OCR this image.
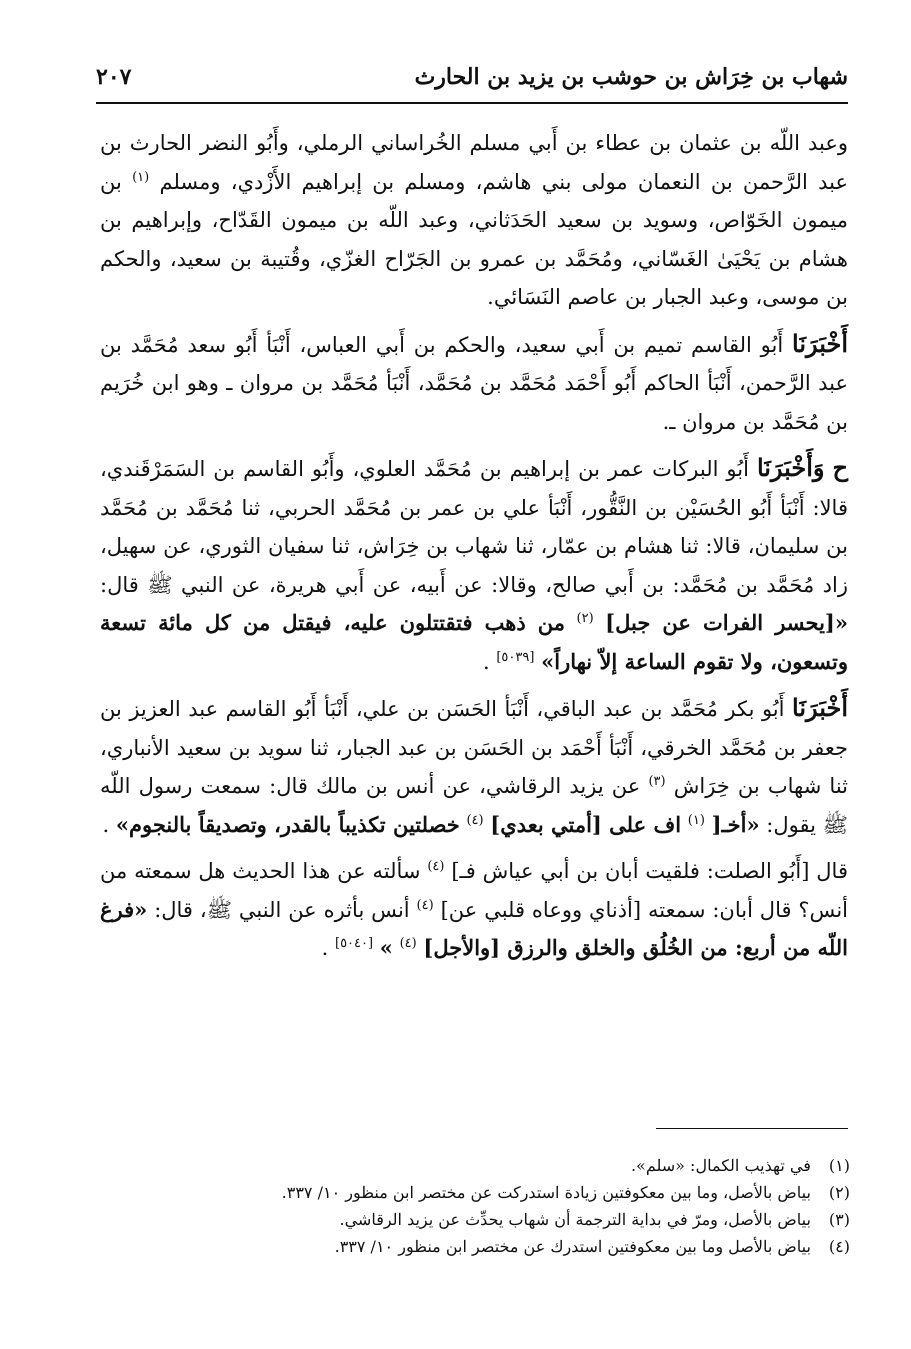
شهاب بن خِرَاش بن حوشب بن يزيد بن الحارث
٢٠٧

وعبد اللّه بن عثمان بن عطاء بن أَبي مسلم الخُراساني الرملي، وأَبُو النضر الحارث بن عبد الرَّحمن بن النعمان مولى بني هاشم، ومسلم بن إبراهيم الأَزْدي، ومسلم $^{(١)}$ بن ميمون الخَوّاص، وسويد بن سعيد الحَدَثاني، وعبد اللّه بن ميمون القَدّاح، وإبراهيم بن هشام بن يَحْيَىٰ الغَسّاني، ومُحَمَّد بن عمرو بن الجَرّاح الغزّي، وقُتيبة بن سعيد، والحكم بن موسى، وعبد الجبار بن عاصم النَسَائي.

أَخْبَرَنَا أَبُو القاسم تميم بن أَبي سعيد، والحكم بن أَبي العباس، أَنْبَأ أَبُو سعد مُحَمَّد بن عبد الرَّحمن، أَنْبَأ الحاكم أَبُو أَحْمَد مُحَمَّد بن مُحَمَّد، أَنْبَأ مُحَمَّد بن مروان ـ وهو ابن خُرَيم بن مُحَمَّد بن مروان ـ.

ح وَأَخْبَرَنَا أَبُو البركات عمر بن إبراهيم بن مُحَمَّد العلوي، وأَبُو القاسم بن السَمَرْقَندي، قالا: أَنْبَأ أَبُو الحُسَيْن بن النَّقُّور، أَنْبَأ علي بن عمر بن مُحَمَّد الحربي، ثنا مُحَمَّد بن مُحَمَّد بن سليمان، قالا: ثنا هشام بن عمّار، ثنا شهاب بن خِرَاش، ثنا سفيان الثوري، عن سهيل، زاد مُحَمَّد بن مُحَمَّد: بن أَبي صالح، وقالا: عن أَبيه، عن أَبي هريرة، عن النبي ﷺ قال: «[يحسر الفرات عن جبل] $^{(٢)}$ من ذهب فتقتتلون عليه، فيقتل من كل مائة تسعة وتسعون، ولا تقوم الساعة إلاّ نهاراً» [٥٠٣٩] .

أَخْبَرَنَا أَبُو بكر مُحَمَّد بن عبد الباقي، أَنْبَأ الحَسَن بن علي، أَنْبَأ أَبُو القاسم عبد العزيز بن جعفر بن مُحَمَّد الخرقي، أَنْبَأ أَحْمَد بن الحَسَن بن عبد الجبار، ثنا سويد بن سعيد الأنباري، ثنا شهاب بن خِرَاش $^{(٣)}$ عن يزيد الرقاشي، عن أنس بن مالك قال: سمعت رسول اللّه ﷺ يقول: «أخـ[ $^{(١)}$ اف على [أمتي بعدي] $^{(٤)}$ خصلتين تكذيباً بالقدر، وتصديقاً بالنجوم» .

قال [أَبُو الصلت: فلقيت أبان بن أبي عياش فـ] $^{(٤)}$ سألته عن هذا الحديث هل سمعته من أنس؟ قال أبان: سمعته [أذناي ووعاه قلبي عن] $^{(٤)}$ أنس بأثره عن النبي ﷺ، قال: «فرغ اللّه من أربع: من الخُلُق والخلق والرزق [والأجل] $^{(٤)}$ » [٥٠٤٠] .

(١) في تهذيب الكمال: «سلم».
(٢) بياض بالأصل، وما بين معكوفتين زيادة استدركت عن مختصر ابن منظور ١٠/ ٣٣٧.
(٣) بياض بالأصل، ومرّ في بداية الترجمة أن شهاب يحدِّث عن يزيد الرقاشي.
(٤) بياض بالأصل وما بين معكوفتين استدرك عن مختصر ابن منظور ١٠/ ٣٣٧.
